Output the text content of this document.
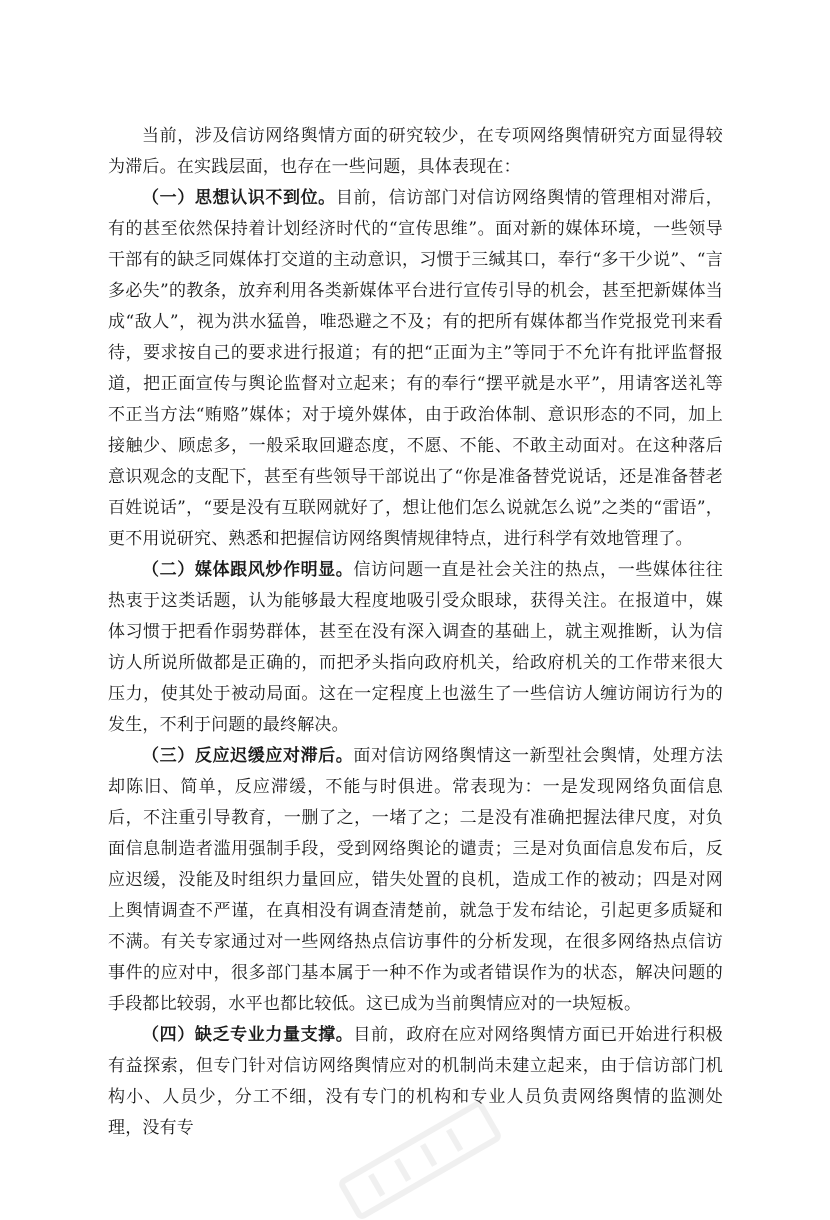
当前，涉及信访网络舆情方面的研究较少，在专项网络舆情研究方面显得较为滞后。在实践层面，也存在一些问题，具体表现在：

（一）思想认识不到位。目前，信访部门对信访网络舆情的管理相对滞后，有的甚至依然保持着计划经济时代的“宣传思维”。面对新的媒体环境，一些领导干部有的缺乏同媒体打交道的主动意识，习惯于三缄其口，奉行“多干少说”、“言多必失”的教条，放弃利用各类新媒体平台进行宣传引导的机会，甚至把新媒体当成“敌人”，视为洪水猛兽，唯恐避之不及；有的把所有媒体都当作党报党刊来看待，要求按自己的要求进行报道；有的把“正面为主”等同于不允许有批评监督报道，把正面宣传与舆论监督对立起来；有的奉行“摆平就是水平”，用请客送礼等不正当方法“贿赂”媒体；对于境外媒体，由于政治体制、意识形态的不同，加上接触少、顾虑多，一般采取回避态度，不愿、不能、不敢主动面对。在这种落后意识观念的支配下，甚至有些领导干部说出了“你是准备替党说话，还是准备替老百姓说话”，“要是没有互联网就好了，想让他们怎么说就怎么说”之类的“雷语”，更不用说研究、熟悉和把握信访网络舆情规律特点，进行科学有效地管理了。

（二）媒体跟风炒作明显。信访问题一直是社会关注的热点，一些媒体往往热衷于这类话题，认为能够最大程度地吸引受众眼球，获得关注。在报道中，媒体习惯于把看作弱势群体，甚至在没有深入调查的基础上，就主观推断，认为信访人所说所做都是正确的，而把矛头指向政府机关，给政府机关的工作带来很大压力，使其处于被动局面。这在一定程度上也滋生了一些信访人缠访闹访行为的发生，不利于问题的最终解决。

（三）反应迟缓应对滞后。面对信访网络舆情这一新型社会舆情，处理方法却陈旧、简单，反应滞缓，不能与时俱进。常表现为：一是发现网络负面信息后，不注重引导教育，一删了之，一堵了之；二是没有准确把握法律尺度，对负面信息制造者滥用强制手段，受到网络舆论的谴责；三是对负面信息发布后，反应迟缓，没能及时组织力量回应，错失处置的良机，造成工作的被动；四是对网上舆情调查不严谨，在真相没有调查清楚前，就急于发布结论，引起更多质疑和不满。有关专家通过对一些网络热点信访事件的分析发现，在很多网络热点信访事件的应对中，很多部门基本属于一种不作为或者错误作为的状态，解决问题的手段都比较弱，水平也都比较低。这已成为当前舆情应对的一块短板。

（四）缺乏专业力量支撑。目前，政府在应对网络舆情方面已开始进行积极有益探索，但专门针对信访网络舆情应对的机制尚未建立起来，由于信访部门机构小、人员少，分工不细，没有专门的机构和专业人员负责网络舆情的监测处理，没有专
